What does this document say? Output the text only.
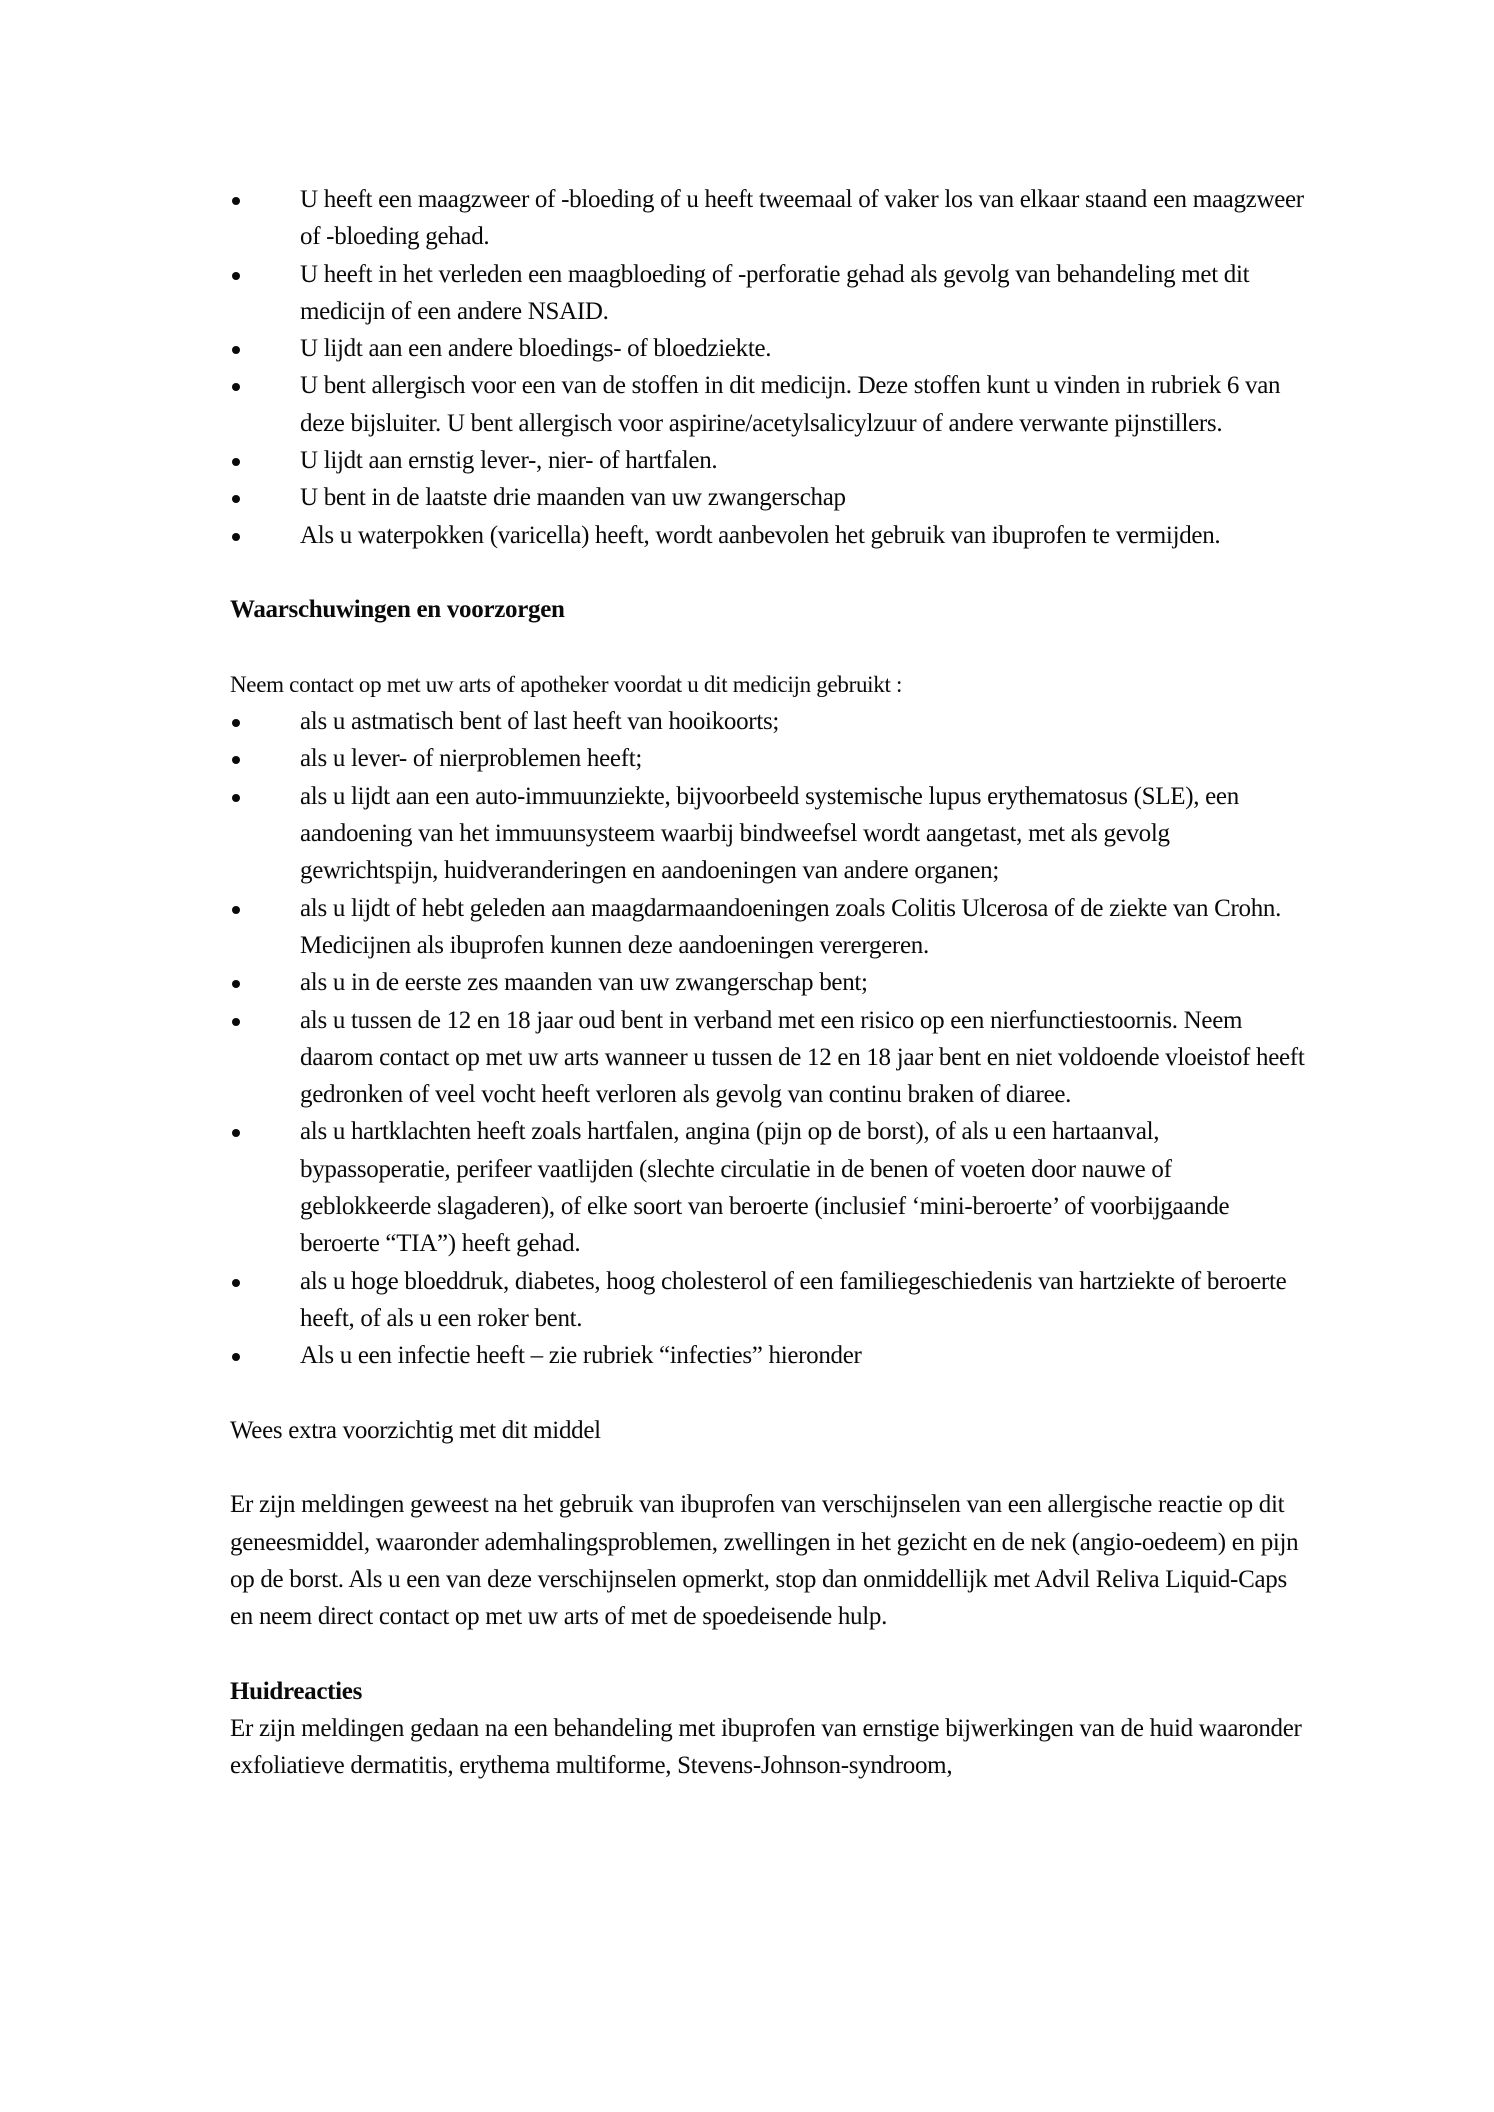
U heeft een maagzweer of -bloeding of u heeft tweemaal of vaker los van elkaar staand een maagzweer of -bloeding gehad.
U heeft in het verleden een maagbloeding of -perforatie gehad als gevolg van behandeling met dit medicijn of een andere NSAID.
U lijdt aan een andere bloedings- of bloedziekte.
U bent allergisch voor een van de stoffen in dit medicijn. Deze stoffen kunt u vinden in rubriek 6 van deze bijsluiter. U bent allergisch voor aspirine/acetylsalicylzuur of andere verwante pijnstillers.
U lijdt aan ernstig lever-, nier- of hartfalen.
U bent in de laatste drie maanden van uw zwangerschap
Als u waterpokken (varicella) heeft, wordt aanbevolen het gebruik van ibuprofen te vermijden.
Waarschuwingen en voorzorgen

Neem contact op met uw arts of apotheker voordat u dit medicijn gebruikt :

als u astmatisch bent of last heeft van hooikoorts;
als u lever- of nierproblemen heeft;
als u lijdt aan een auto-immuunziekte, bijvoorbeeld systemische lupus erythematosus (SLE), een aandoening van het immuunsysteem waarbij bindweefsel wordt aangetast, met als gevolg gewrichtspijn, huidveranderingen en aandoeningen van andere organen;
als u lijdt of hebt geleden aan maagdarmaandoeningen zoals Colitis Ulcerosa of de ziekte van Crohn. Medicijnen als ibuprofen kunnen deze aandoeningen verergeren.
als u in de eerste zes maanden van uw zwangerschap bent;
als u tussen de 12 en 18 jaar oud bent in verband met een risico op een nierfunctiestoornis. Neem daarom contact op met uw arts wanneer u tussen de 12 en 18 jaar bent en niet voldoende vloeistof heeft gedronken of veel vocht heeft verloren als gevolg van continu braken of diaree.
als u hartklachten heeft zoals hartfalen, angina (pijn op de borst), of als u een hartaanval, bypassoperatie, perifeer vaatlijden (slechte circulatie in de benen of voeten door nauwe of geblokkeerde slagaderen), of elke soort van beroerte (inclusief ‘mini-beroerte’ of voorbijgaande beroerte “TIA”) heeft gehad.
als u hoge bloeddruk, diabetes, hoog cholesterol of een familiegeschiedenis van hartziekte of beroerte heeft, of als u een roker bent.
Als u een infectie heeft – zie rubriek “infecties” hieronder

Wees extra voorzichtig met dit middel

Er zijn meldingen geweest na het gebruik van ibuprofen van verschijnselen van een allergische reactie op dit geneesmiddel, waaronder ademhalingsproblemen, zwellingen in het gezicht en de nek (angio-oedeem) en pijn op de borst. Als u een van deze verschijnselen opmerkt, stop dan onmiddellijk met Advil Reliva Liquid-Caps en neem direct contact op met uw arts of met de spoedeisende hulp.

Huidreacties

Er zijn meldingen gedaan na een behandeling met ibuprofen van ernstige bijwerkingen van de huid waaronder exfoliatieve dermatitis, erythema multiforme, Stevens-Johnson-syndroom,
